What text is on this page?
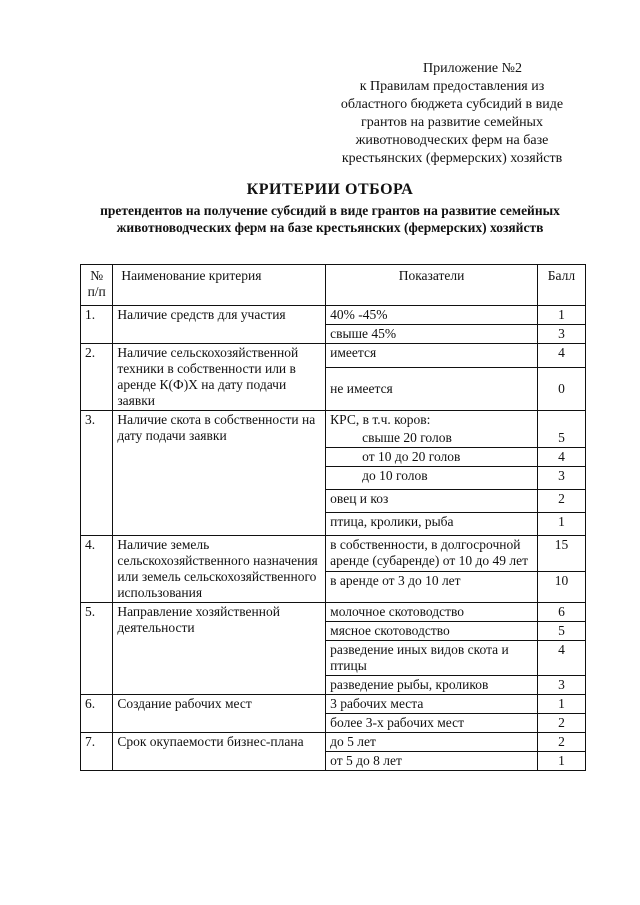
Приложение №2
к Правилам предоставления из
областного бюджета субсидий в виде
грантов на развитие семейных
животноводческих ферм на базе
крестьянских (фермерских) хозяйств
КРИТЕРИИ ОТБОРА
претендентов на получение субсидий в виде грантов на развитие семейных животноводческих ферм на базе крестьянских (фермерских) хозяйств
№ п/п	Наименование критерия	Показатели	Балл
1.	Наличие средств для участия	40% -45%	1
		свыше 45%	3
2.	Наличие сельскохозяйственной техники в собственности или в аренде К(Ф)Х на дату подачи заявки	имеется	4
		не имеется	0
3.	Наличие скота в собственности на дату подачи заявки	КРС, в т.ч. коров:	
		свыше 20 голов	5
		от 10 до 20 голов	4
		до 10 голов	3
		овец и коз	2
		птица, кролики, рыба	1
4.	Наличие земель сельскохозяйственного назначения или земель сельскохозяйственного использования	в собственности, в долгосрочной аренде (субаренде) от 10 до 49 лет	15
		в аренде от 3 до 10 лет	10
5.	Направление хозяйственной деятельности	молочное скотоводство	6
		мясное скотоводство	5
		разведение иных видов скота и птицы	4
		разведение рыбы, кроликов	3
6.	Создание рабочих мест	3 рабочих места	1
		более 3-х рабочих мест	2
7.	Срок окупаемости бизнес-плана	до 5 лет	2
		от 5 до 8 лет	1
